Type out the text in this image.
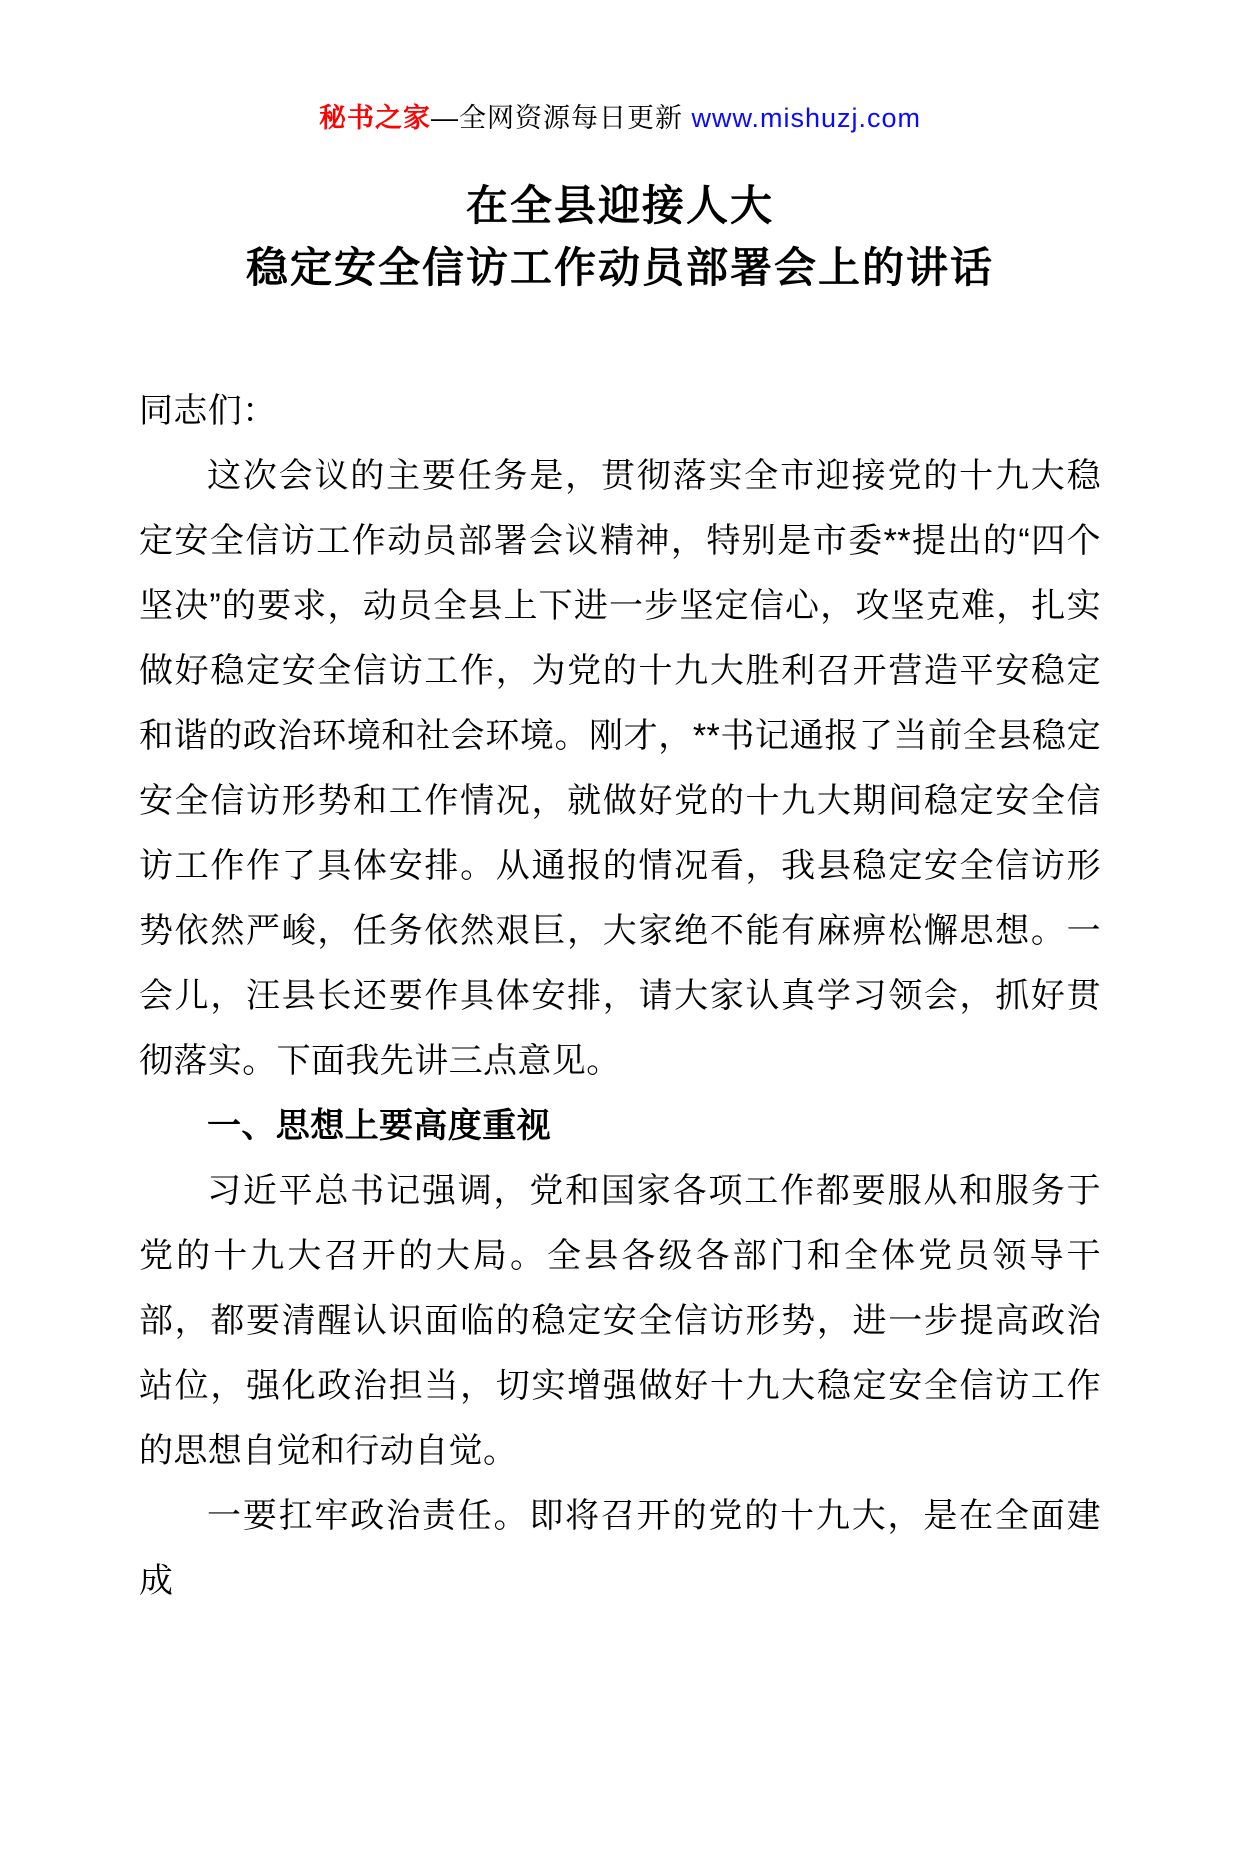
秘书之家—全网资源每日更新 www.mishuzj.com
在全县迎接人大
稳定安全信访工作动员部署会上的讲话

同志们：

这次会议的主要任务是，贯彻落实全市迎接党的十九大稳定安全信访工作动员部署会议精神，特别是市委**提出的“四个坚决”的要求，动员全县上下进一步坚定信心，攻坚克难，扎实做好稳定安全信访工作，为党的十九大胜利召开营造平安稳定和谐的政治环境和社会环境。刚才，**书记通报了当前全县稳定安全信访形势和工作情况，就做好党的十九大期间稳定安全信访工作作了具体安排。从通报的情况看，我县稳定安全信访形势依然严峻，任务依然艰巨，大家绝不能有麻痹松懈思想。一会儿，汪县长还要作具体安排，请大家认真学习领会，抓好贯彻落实。下面我先讲三点意见。

一、思想上要高度重视

习近平总书记强调，党和国家各项工作都要服从和服务于党的十九大召开的大局。全县各级各部门和全体党员领导干部，都要清醒认识面临的稳定安全信访形势，进一步提高政治站位，强化政治担当，切实增强做好十九大稳定安全信访工作的思想自觉和行动自觉。

一要扛牢政治责任。即将召开的党的十九大，是在全面建成
